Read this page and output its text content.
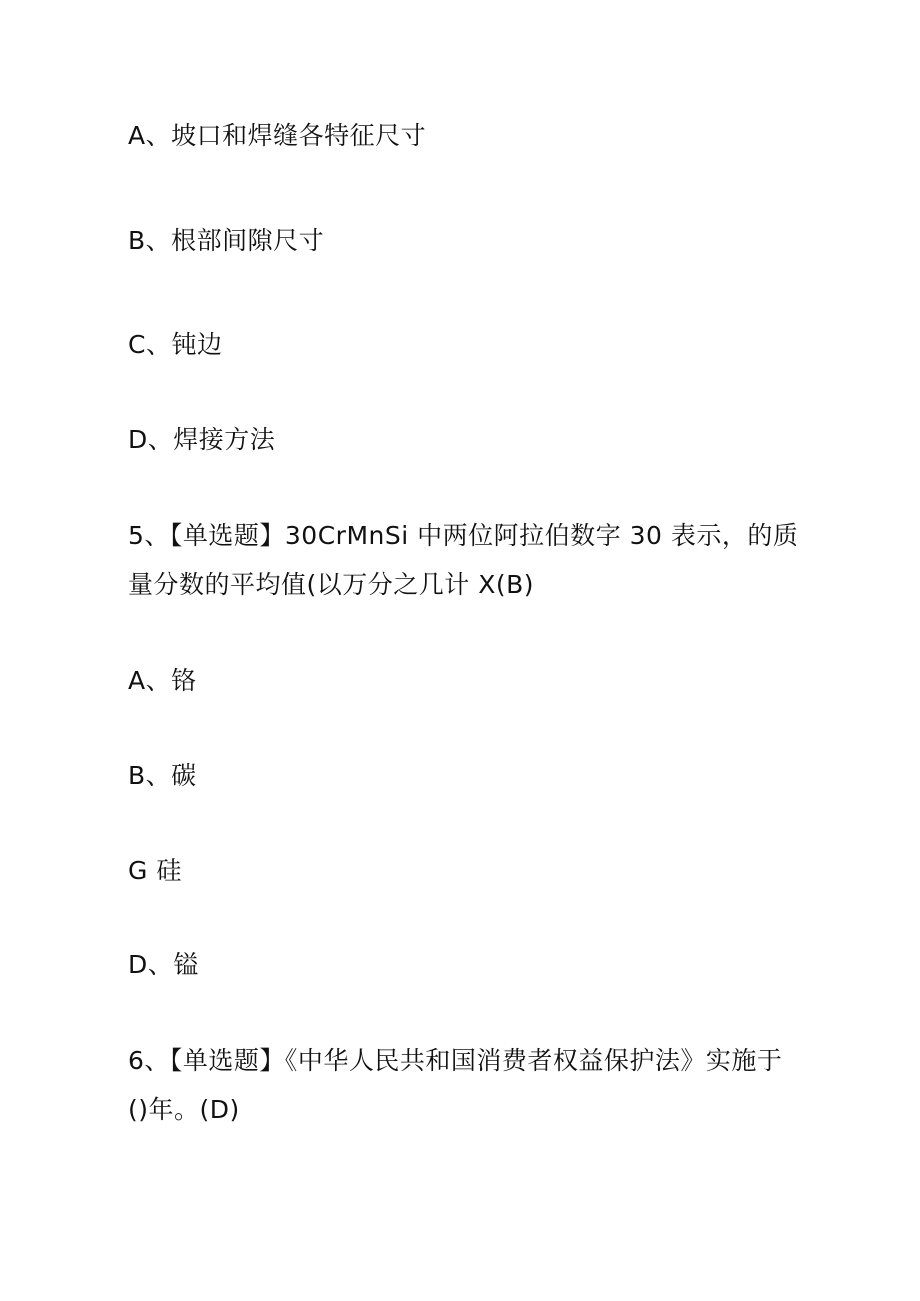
A、坡口和焊缝各特征尺寸
B、根部间隙尺寸
C、钝边
D、焊接方法
5、【单选题】30CrMnSi 中两位阿拉伯数字 30 表示，的质
量分数的平均值(以万分之几计 X(B)
A、铬
B、碳
G 硅
D、镒
6、【单选题】《中华人民共和国消费者权益保护法》实施于
()年。(D)
